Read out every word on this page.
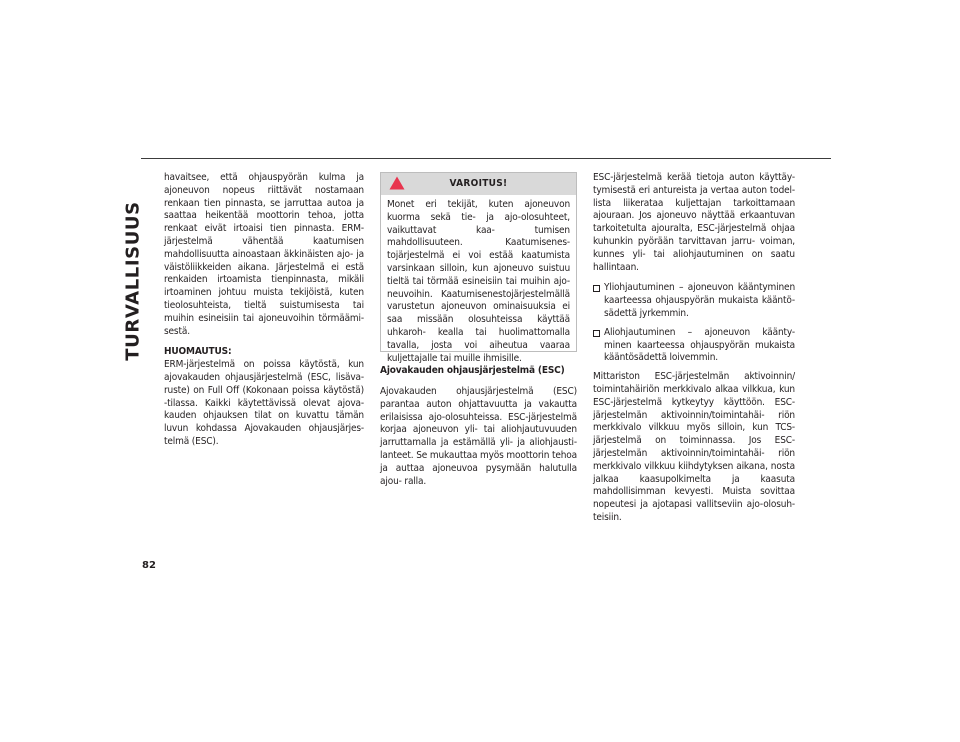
TURVALLISUUS

havaitsee, että ohjauspyörän kulma ja ajoneuvon nopeus riittävät nostamaan renkaan tien pinnasta, se jarruttaa autoa ja saattaa heikentää moottorin tehoa, jotta renkaat eivät irtoaisi tien pinnasta. ERM-järjestelmä vähentää kaatumisen mahdollisuutta ainoastaan äkkinäisten ajo- ja väistöliikkeiden aikana. Järjestelmä ei estä renkaiden irtoamista tienpinnasta, mikäli irtoaminen johtuu muista tekijöistä, kuten tieolosuhteista, tieltä suistumisesta tai muihin esineisiin tai ajoneuvoihin törmäämi- sestä.

HUOMAUTUS:

ERM-järjestelmä on poissa käytöstä, kun ajovakauden ohjausjärjestelmä (ESC, lisäva- ruste) on Full Off (Kokonaan poissa käytöstä) -tilassa. Kaikki käytettävissä olevat ajova- kauden ohjauksen tilat on kuvattu tämän luvun kohdassa Ajovakauden ohjausjärjes- telmä (ESC).

VAROITUS!
Monet eri tekijät, kuten ajoneuvon kuorma sekä tie- ja ajo-olosuhteet, vaikuttavat kaa- tumisen mahdollisuuteen. Kaatumisenes- tojärjestelmä ei voi estää kaatumista varsinkaan silloin, kun ajoneuvo suistuu tieltä tai törmää esineisiin tai muihin ajo- neuvoihin. Kaatumisenestojärjestelmällä varustetun ajoneuvon ominaisuuksia ei saa missään olosuhteissa käyttää uhkaroh- kealla tai huolimattomalla tavalla, josta voi aiheutua vaaraa kuljettajalle tai muille ihmisille.
Ajovakauden ohjausjärjestelmä (ESC)
Ajovakauden ohjausjärjestelmä (ESC) parantaa auton ohjattavuutta ja vakautta erilaisissa ajo-olosuhteissa. ESC-järjestelmä korjaa ajoneuvon yli- tai aliohjautuvuuden jarruttamalla ja estämällä yli- ja aliohjausti- lanteet. Se mukauttaa myös moottorin tehoa ja auttaa ajoneuvoa pysymään halutulla ajou- ralla.

ESC-järjestelmä kerää tietoja auton käyttäy- tymisestä eri antureista ja vertaa auton todel- lista liikerataa kuljettajan tarkoittamaan ajouraan. Jos ajoneuvo näyttää erkaantuvan tarkoitetulta ajouralta, ESC-järjestelmä ohjaa kuhunkin pyörään tarvittavan jarru- voiman, kunnes yli- tai aliohjautuminen on saatu hallintaan.

Yliohjautuminen – ajoneuvon kääntyminen kaarteessa ohjauspyörän mukaista kääntö- sädettä jyrkemmin.
Aliohjautuminen – ajoneuvon käänty- minen kaarteessa ohjauspyörän mukaista kääntösädettä loivemmin.

Mittariston ESC-järjestelmän aktivoinnin/ toimintahäiriön merkkivalo alkaa vilkkua, kun ESC-järjestelmä kytkeytyy käyttöön. ESC-järjestelmän aktivoinnin/toimintahäi- riön merkkivalo vilkkuu myös silloin, kun TCS-järjestelmä on toiminnassa. Jos ESC-järjestelmän aktivoinnin/toimintahäi- riön merkkivalo vilkkuu kiihdytyksen aikana, nosta jalkaa kaasupolkimelta ja kaasuta mahdollisimman kevyesti. Muista sovittaa nopeutesi ja ajotapasi vallitseviin ajo-olosuh- teisiin.

82
